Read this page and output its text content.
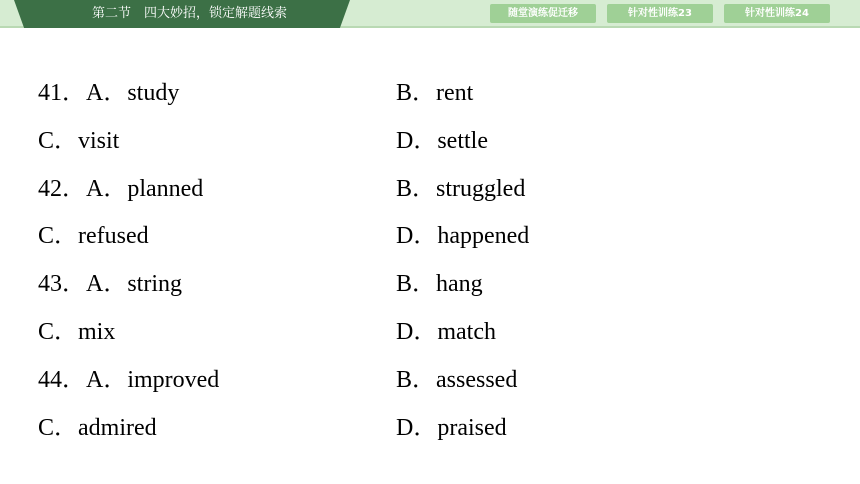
第二节　四大妙招，锁定解题线索	随堂演练促迁移	针对性训练23	针对性训练24
41．A．study	B．rent
C．visit	D．settle
42．A．planned	B．struggled
C．refused	D．happened
43．A．string	B．hang
C．mix	D．match
44．A．improved	B．assessed
C．admired	D．praised
